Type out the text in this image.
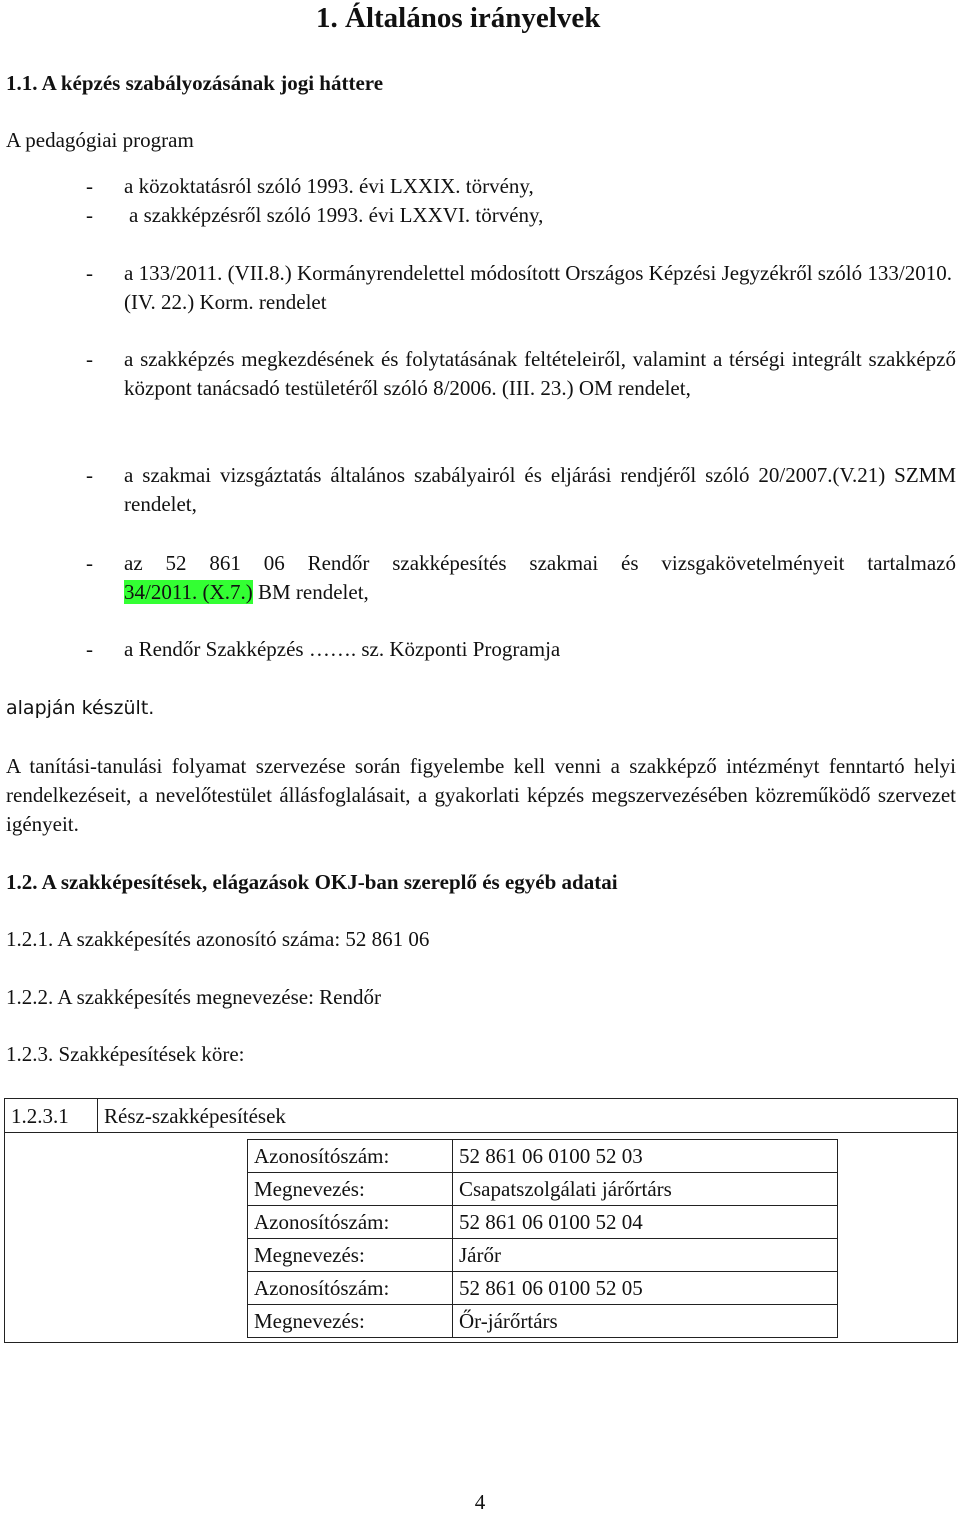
1. Általános irányelvek
1.1. A képzés szabályozásának jogi háttere
A pedagógiai program
- a közoktatásról szóló 1993. évi LXXIX. törvény,
- a szakképzésről szóló 1993. évi LXXVI. törvény,
- a 133/2011. (VII.8.) Kormányrendelettel módosított Országos Képzési Jegyzékről szóló 133/2010. (IV. 22.) Korm. rendelet
- a szakképzés megkezdésének és folytatásának feltételeiről, valamint a térségi integrált szakképző központ tanácsadó testületéről szóló 8/2006. (III. 23.) OM rendelet,
- a szakmai vizsgáztatás általános szabályairól és eljárási rendjéről szóló 20/2007.(V.21) SZMM rendelet,
- az 52 861 06 Rendőr szakképesítés szakmai és vizsgakövetelményeit tartalmazó
34/2011. (X.7.) BM rendelet,
- a Rendőr Szakképzés ……. sz. Központi Programja
alapján készült.
A tanítási-tanulási folyamat szervezése során figyelembe kell venni a szakképző intézményt fenntartó helyi rendelkezéseit, a nevelőtestület állásfoglalásait, a gyakorlati képzés megszervezésében közreműködő szervezet igényeit.
1.2. A szakképesítések, elágazások OKJ-ban szereplő és egyéb adatai
1.2.1. A szakképesítés azonosító száma: 52 861 06
1.2.2. A szakképesítés megnevezése: Rendőr
1.2.3. Szakképesítések köre:
1.2.3.1	Rész-szakképesítések

Azonosítószám:	52 861 06 0100 52 03
Megnevezés:	Csapatszolgálati járőrtárs
Azonosítószám:	52 861 06 0100 52 04
Megnevezés:	Járőr
Azonosítószám:	52 861 06 0100 52 05
Megnevezés:	Őr-járőrtárs
4
